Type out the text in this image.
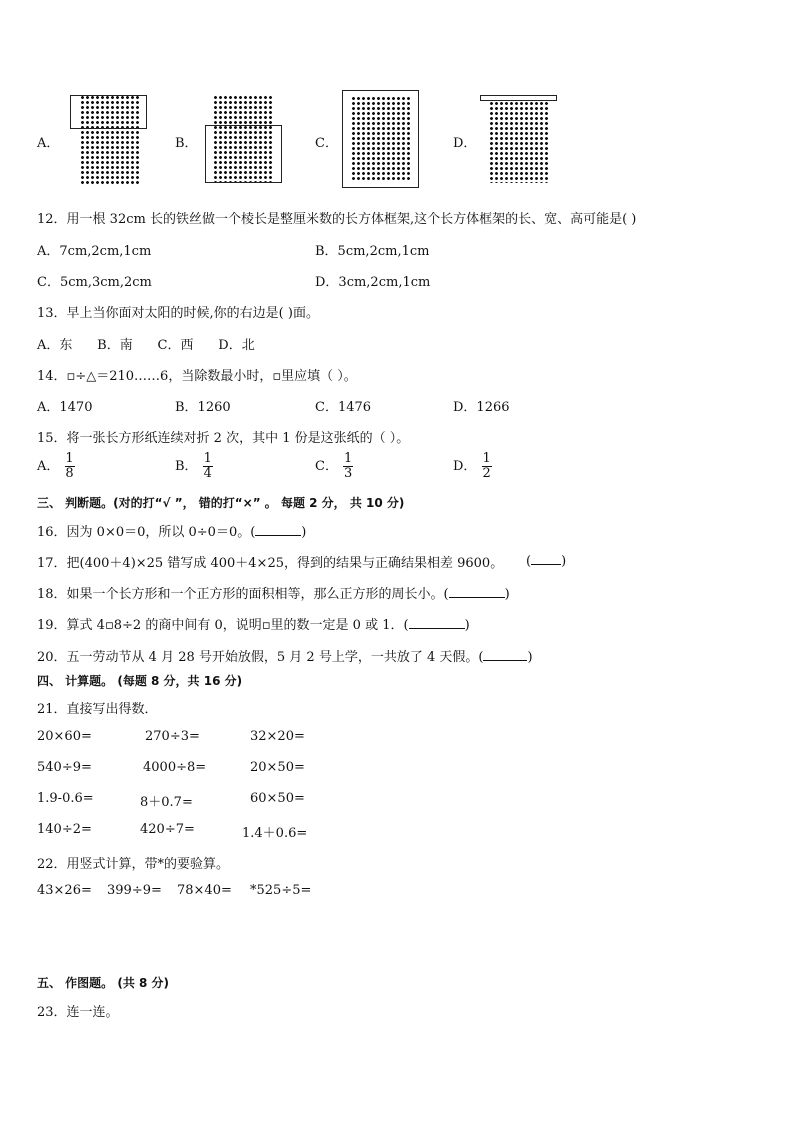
A．	B．	C．	D．
12．用一根 32cm 长的铁丝做一个棱长是整厘米数的长方体框架,这个长方体框架的长、宽、高可能是( )
A．7cm,2cm,1cm	B．5cm,2cm,1cm
C．5cm,3cm,2cm	D．3cm,2cm,1cm
13．早上当你面对太阳的时候,你的右边是( )面。
A．东      B．南      C．西      D．北
14．▫÷△＝210……6，当除数最小时，▫里应填（ ）。
A．1470	B．1260	C．1476	D．1266
15．将一张长方形纸连续对折 2 次，其中 1 份是这张纸的（ ）。
A． $\frac{1}{8}$	B． $\frac{1}{4}$	C． $\frac{1}{3}$	D． $\frac{1}{2}$
三、 判断题。(对的打“√ ”， 错的打“×” 。 每题 2 分， 共 10 分)
16．因为 0×0＝0，所以 0÷0＝0。(	)
17．把(400＋4)×25 错写成 400＋4×25，得到的结果与正确结果相差 9600。 ( )
18．如果一个长方形和一个正方形的面积相等，那么正方形的周长小。(	)
19．算式 4▫8÷2 的商中间有 0，说明▫里的数一定是 0 或 1．(	)
20．五一劳动节从 4 月 28 号开始放假，5 月 2 号上学，一共放了 4 天假。(	)
四、 计算题。 (每题 8 分，共 16 分)
21．直接写出得数．
20×60=	270÷3=	32×20=
540÷9=	4000÷8=	20×50=
1.9-0.6=	8＋0.7=	60×50=
140÷2=	420÷7=	1.4＋0.6=
22．用竖式计算，带*的要验算。
43×26= 399÷9= 78×40= *525÷5=
五、 作图题。 (共 8 分)
23．连一连。
